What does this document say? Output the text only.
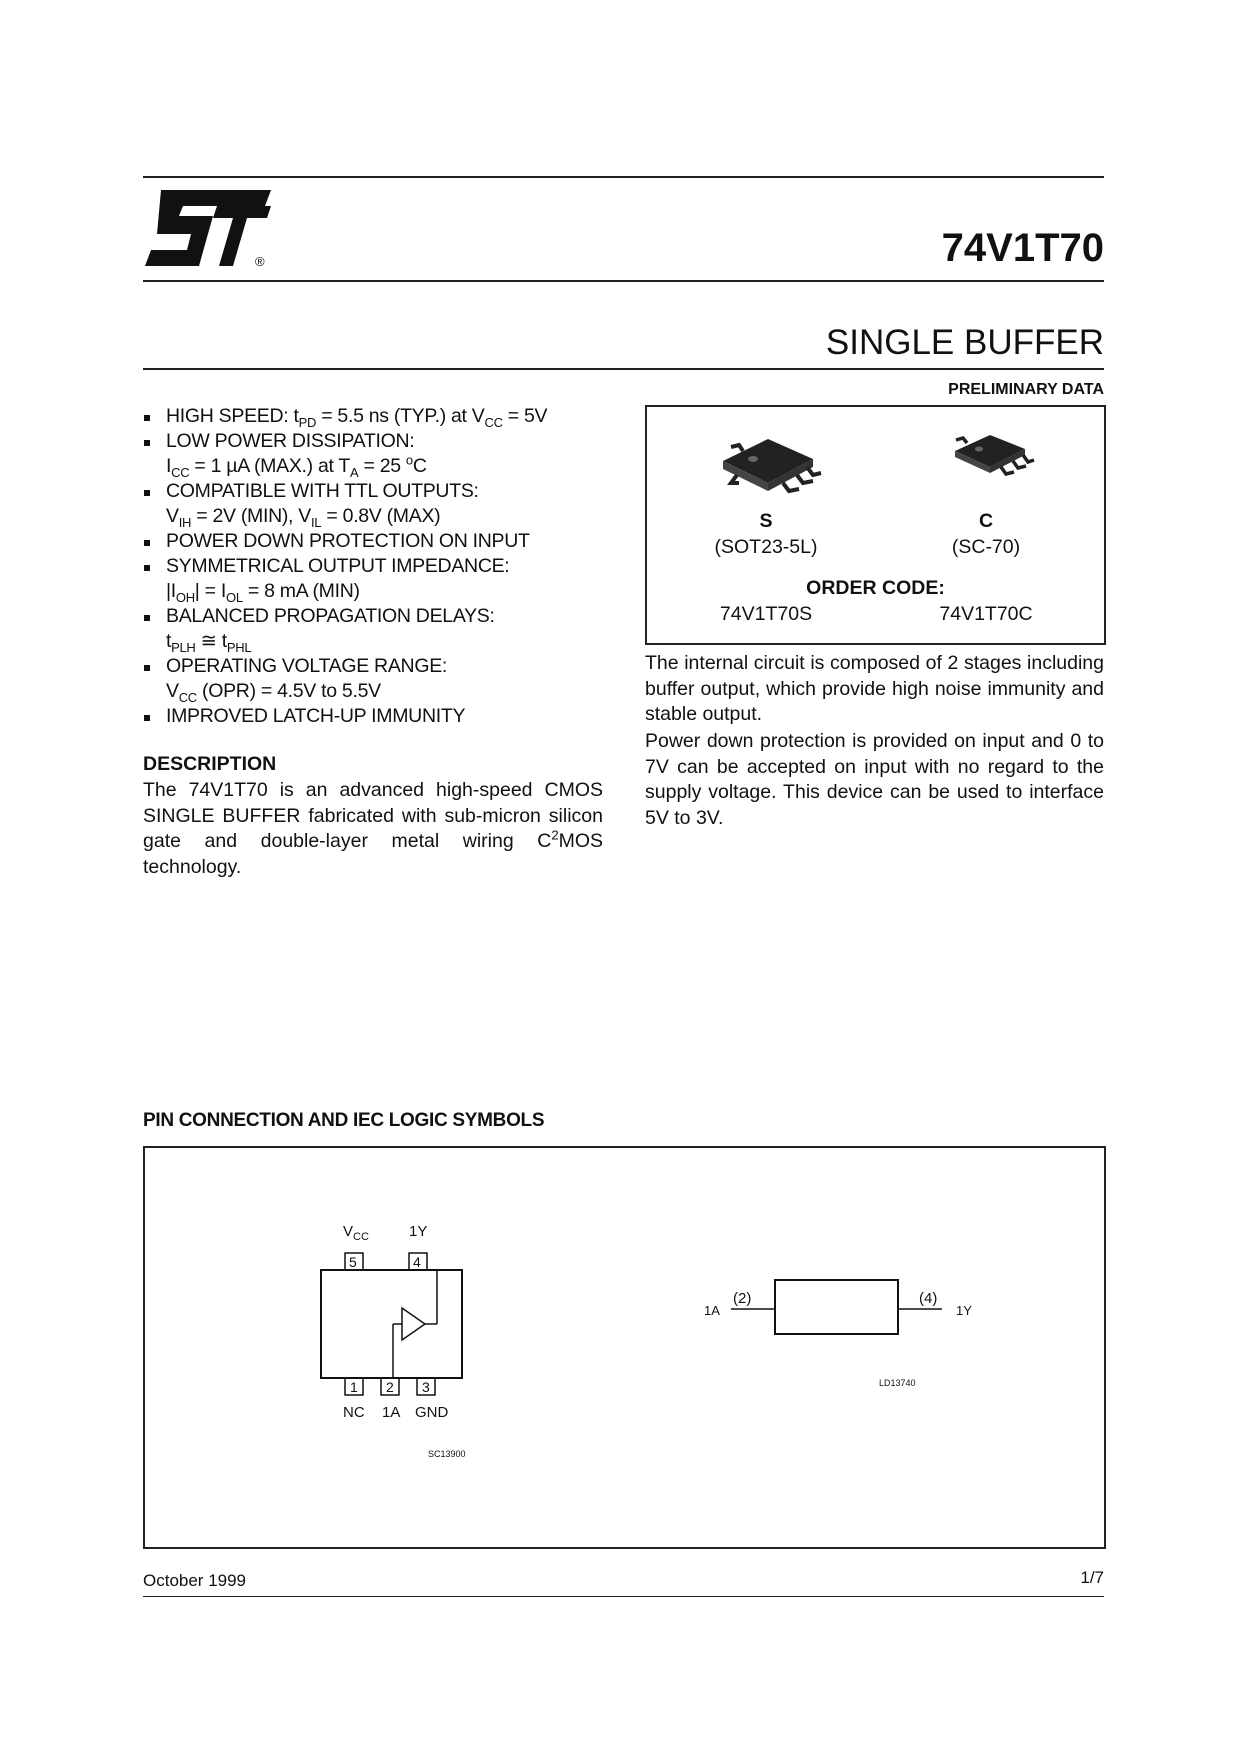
®	74V1T70
SINGLE BUFFER
PRELIMINARY DATA
HIGH SPEED: $t_{PD} = 5.5$ ns (TYP.) at $V_{CC} = 5V$
LOW POWER DISSIPATION:
$I_{CC} = 1$ µA (MAX.) at $T_A = 25$ $^o$C
COMPATIBLE WITH TTL OUTPUTS:
$V_{IH} = 2V$ (MIN), $V_{IL} = 0.8V$ (MAX)
POWER DOWN PROTECTION ON INPUT
SYMMETRICAL OUTPUT IMPEDANCE:
$|I_{OH}| = I_{OL} = 8$ mA (MIN)
BALANCED PROPAGATION DELAYS:
$t_{PLH}$ ≅ $t_{PHL}$
OPERATING VOLTAGE RANGE:
$V_{CC}$ (OPR) = 4.5V to 5.5V
IMPROVED LATCH-UP IMMUNITY
DESCRIPTION
The 74V1T70 is an advanced high-speed CMOS SINGLE BUFFER fabricated with sub-micron silicon gate and double-layer metal wiring $C^2MOS$ technology.
S
(SOT23-5L)
C
(SC-70)
ORDER CODE:
74V1T70S	74V1T70C
The internal circuit is composed of 2 stages including buffer output, which provide high noise immunity and stable output.
Power down protection is provided on input and 0 to 7V can be accepted on input with no regard to the supply voltage. This device can be used to interface 5V to 3V.
PIN CONNECTION AND IEC LOGIC SYMBOLS
$V_{CC}$	1Y
5	4
1 2 3
NC 1A GND
SC13900
1A
(2)	(4)
1Y
LD13740
October 1999	1/7
